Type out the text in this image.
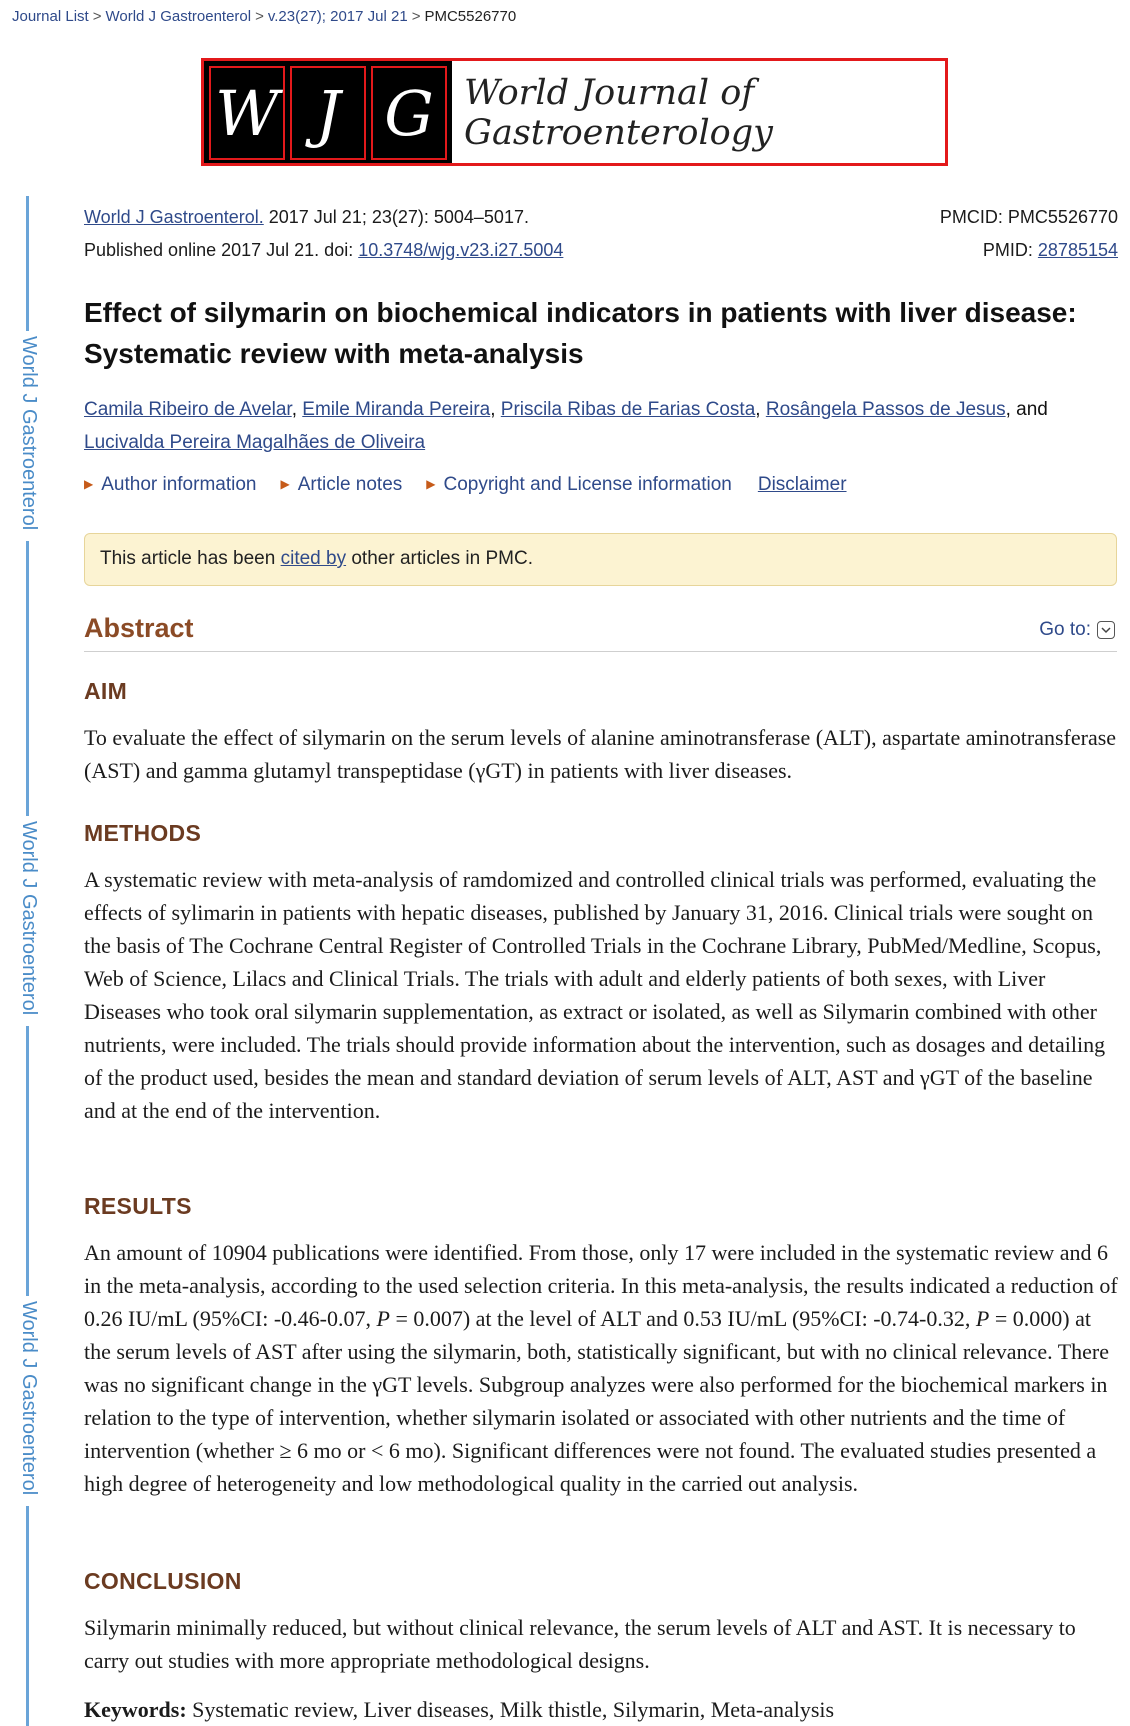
Journal List > World J Gastroenterol > v.23(27); 2017 Jul 21 > PMC5526770
W J G World Journal of
Gastroenterology
World J Gastroenterol
World J Gastroenterol
World J Gastroenterol
World J Gastroenterol. 2017 Jul 21; 23(27): 5004–5017.
Published online 2017 Jul 21. doi: 10.3748/wjg.v23.i27.5004
PMCID: PMC5526770
PMID: 28785154
Effect of silymarin on biochemical indicators in patients with liver disease: Systematic review with meta-analysis
Camila Ribeiro de Avelar, Emile Miranda Pereira, Priscila Ribas de Farias Costa, Rosângela Passos de Jesus, and
Lucivalda Pereira Magalhães de Oliveira
▶ Author information ▶ Article notes ▶ Copyright and License information Disclaimer
This article has been cited by other articles in PMC.
Abstract	Go to:
AIM

To evaluate the effect of silymarin on the serum levels of alanine aminotransferase (ALT), aspartate aminotransferase (AST) and gamma glutamyl transpeptidase (γGT) in patients with liver diseases.

METHODS

A systematic review with meta-analysis of ramdomized and controlled clinical trials was performed, evaluating the effects of sylimarin in patients with hepatic diseases, published by January 31, 2016. Clinical trials were sought on the basis of The Cochrane Central Register of Controlled Trials in the Cochrane Library, PubMed/Medline, Scopus, Web of Science, Lilacs and Clinical Trials. The trials with adult and elderly patients of both sexes, with Liver Diseases who took oral silymarin supplementation, as extract or isolated, as well as Silymarin combined with other nutrients, were included. The trials should provide information about the intervention, such as dosages and detailing of the product used, besides the mean and standard deviation of serum levels of ALT, AST and γGT of the baseline and at the end of the intervention.

RESULTS

An amount of 10904 publications were identified. From those, only 17 were included in the systematic review and 6 in the meta-analysis, according to the used selection criteria. In this meta-analysis, the results indicated a reduction of 0.26 IU/mL (95%CI: -0.46-0.07, P = 0.007) at the level of ALT and 0.53 IU/mL (95%CI: -0.74-0.32, P = 0.000) at the serum levels of AST after using the silymarin, both, statistically significant, but with no clinical relevance. There was no significant change in the γGT levels. Subgroup analyzes were also performed for the biochemical markers in relation to the type of intervention, whether silymarin isolated or associated with other nutrients and the time of intervention (whether ≥ 6 mo or < 6 mo). Significant differences were not found. The evaluated studies presented a high degree of heterogeneity and low methodological quality in the carried out analysis.

CONCLUSION

Silymarin minimally reduced, but without clinical relevance, the serum levels of ALT and AST. It is necessary to carry out studies with more appropriate methodological designs.

Keywords: Systematic review, Liver diseases, Milk thistle, Silymarin, Meta-analysis
